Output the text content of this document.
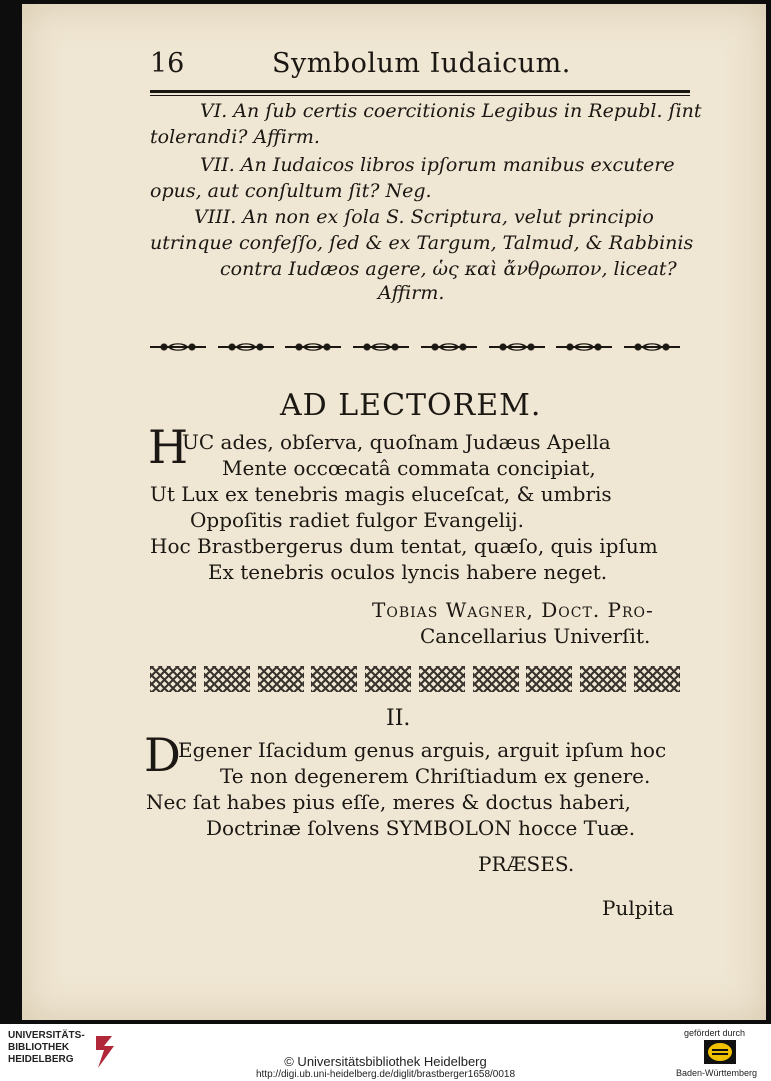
16	Symbolum Iudaicum.
VI. An ſub certis coercitionis Legibus in Republ. ſint
tolerandi? Affirm.
VII. An Iudaicos libros ipſorum manibus excutere
opus, aut conſultum ſit? Neg.
VIII. An non ex ſola S. Scriptura, velut principio
utrinque confeſſo, ſed & ex Targum, Talmud, & Rabbinis
contra Iudæos agere, ὡς καὶ ἄνθρωπον, liceat?
Affirm.
AD LECTOREM.
H
UC ades, obſerva, quoſnam Judæus Apella
Mente occœcatâ commata concipiat,
Ut Lux ex tenebris magis eluceſcat, & umbris
Oppoſitis radiet fulgor Evangelij.
Hoc Brastbergerus dum tentat, quæſo, quis ipſum
Ex tenebris oculos lyncis habere neget.
Tobias Wagner, Doct. Pro-
Cancellarius Univerſit.
II.
D
Egener Iſacidum genus arguis, arguit ipſum hoc
Te non degenerem Chriſtiadum ex genere.
Nec ſat habes pius eſſe, meres & doctus haberi,
Doctrinæ ſolvens SYMBOLON hocce Tuæ.
PRÆSES.
Pulpita
UNIVERSITÄTS-
BIBLIOTHEK
HEIDELBERG	© Universitätsbibliothek Heidelberg
http://digi.ub.uni-heidelberg.de/diglit/brastberger1658/0018
gefördert durch
Baden-Württemberg
